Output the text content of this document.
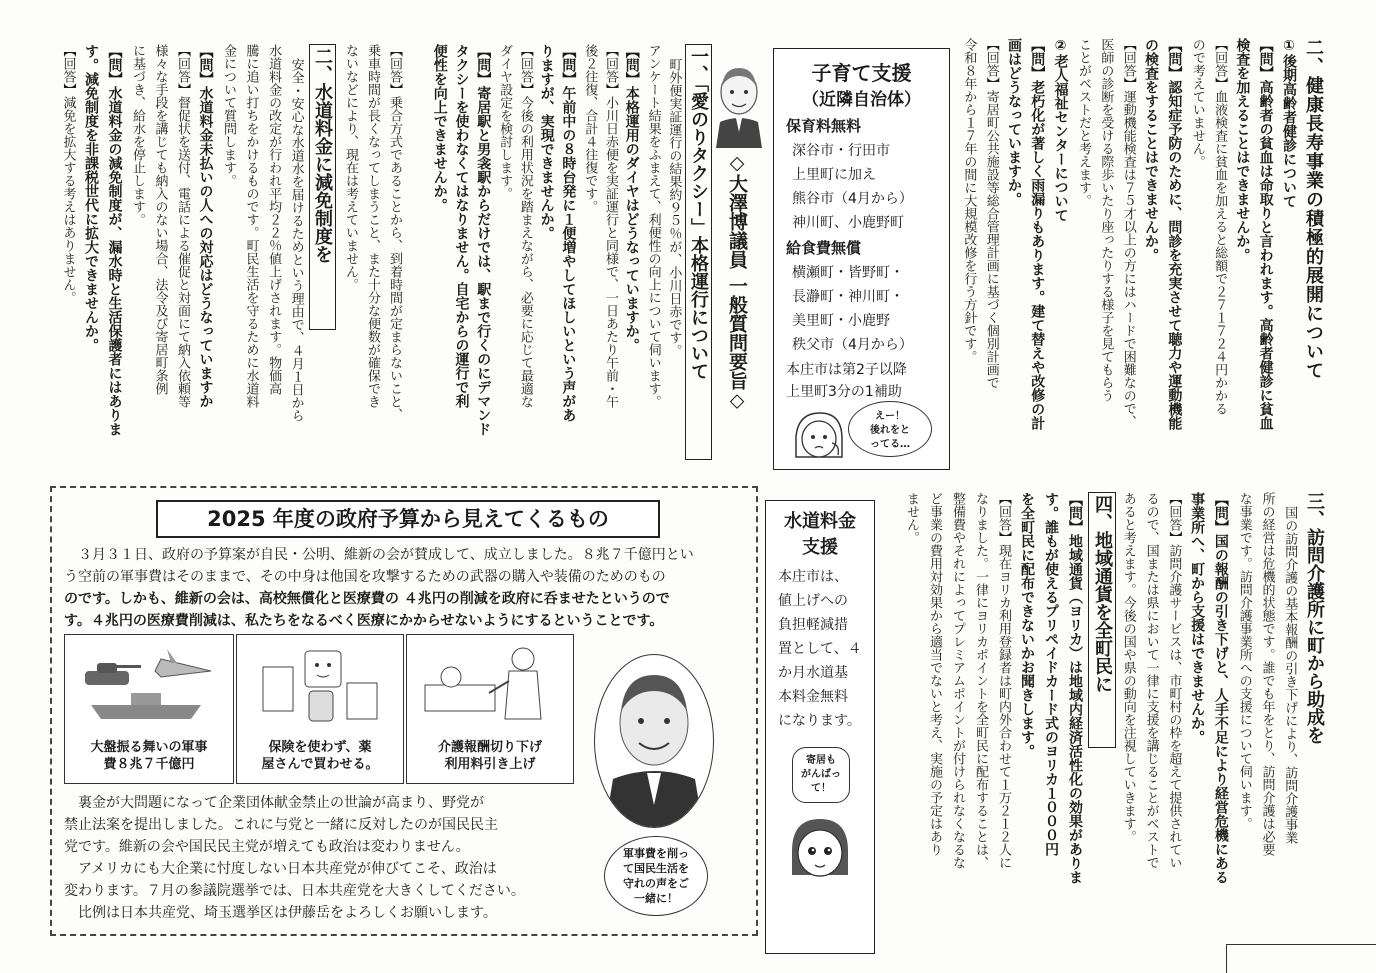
二、健康長寿事業の積極的展開について
①後期高齢者健診について
【問】高齢者の貧血は命取りと言われます。高齢者健診に貧血
検査を加えることはできませんか。
【回答】血液検査に貧血を加えると総額で２７１７２４円かかる
ので考えていません。
【問】認知症予防のために、問診を充実させて聴力や運動機能
の検査をすることはできませんか。
【回答】運動機能検査は７５才以上の方にはハードで困難なので、
医師の診断を受ける際歩いたり座ったりする様子を見てもらう
ことがベストだと考えます。
②老人福祉センターについて
【問】老朽化が著しく雨漏りもあります。建て替えや改修の計
画はどうなっていますか。
【回答】寄居町公共施設等総合管理計画に基づく個別計画で
令和８年から１７年の間に大規模改修を行う方針です。
子育て支援
（近隣自治体）
保育料無料
深谷市・行田市
上里町に加え
熊谷市（4月から）
神川町、小鹿野町
給食費無償
横瀬町・皆野町・
長瀞町・神川町・
美里町・小鹿野
秩父市（4月から）
本庄市は第2子以降
上里町3分の1補助
えー！
後れをと
ってる…
◇大澤博議員 一般質問要旨◇
一、「愛のりタクシー」本格運行について
町外便実証運行の結果約９５％が、小川日赤です。
アンケート結果をふまえて、利便性の向上について伺います。
【問】本格運用のダイヤはどうなっていますか。
【回答】小川日赤便を実証運行と同様で、一日あたり午前・午
後２往復、合計４往復です。
【問】午前中の８時台発に１便増やしてほしいという声があ
りますが、実現できませんか。
【回答】今後の利用状況を踏まえながら、必要に応じて最適な
ダイヤ設定を検討します。
【問】寄居駅と男衾駅からだけでは、駅まで行くのにデマンド
タクシーを使わなくてはなりません。自宅からの運行で利
便性を向上できませんか。
【回答】乗合方式であることから、到着時間が定まらないこと、
乗車時間が長くなってしまうこと、また十分な便数が確保でき
ないなどにより、現在は考えていません。
二、水道料金に減免制度を
安全・安心な水道水を届けるためという理由で、４月１日から
水道料金の改定が行われ平均２２％値上げされます。物価高
騰に追い打ちをかけるものです。町民生活を守るために水道料
金について質問します。
【問】水道料金未払いの人への対応はどうなっていますか
【回答】督促状を送付、電話による催促と対面にて納入依頼等
様々な手段を講じても納入のない場合、法令及び寄居町条例
に基づき、給水を停止します。
【問】水道料金の減免制度が、漏水時と生活保護者にはありま
す。減免制度を非課税世代に拡大できませんか。
【回答】減免を拡大する考えはありません。
三、訪問介護所に町から助成を
国の訪問介護の基本報酬の引き下げにより、訪問介護事業
所の経営は危機的状態です。誰でも年をとり、訪問介護は必要
な事業です。訪問介護事業所への支援について伺います。
【問】国の報酬の引き下げと、人手不足により経営危機にある
事業所へ、町から支援はできませんか。
【回答】訪問介護サービスは、市町村の枠を超えて提供されてい
るので、国または県において一律に支援を講じることがベストで
あると考えます。今後の国や県の動向を注視していきます。
四、地域通貨を全町民に
【問】地域通貨（ヨリカ）は地域内経済活性化の効果がありま
す。誰もが使えるプリペイドカード式のヨリカ１０００円
を全町民に配布できないかお聞きします。
【回答】現在ヨリカ利用登録者は町内外合わせて１万２１２人に
なりました。一律にヨリカポイントを全町民に配布することは、
整備費やそれによってプレミアムポイントが付けられなくなるな
ど事業の費用対効果から適当でないと考え、実施の予定はあり
ません。
水道料金
支援
本庄市は、
値上げへの
負担軽減措
置として、４
か月水道基
本料金無料
になります。
寄居も
がんばっ
て！
2025 年度の政府予算から見えてくるもの
３月３１日、政府の予算案が自民・公明、維新の会が賛成して、成立しました。８兆７千億円とい
う空前の軍事費はそのままで、その中身は他国を攻撃するための武器の購入や装備のためのもの
のです。しかも、維新の会は、高校無償化と医療費の ４兆円の削減を政府に呑ませたというので
す。４兆円の医療費削減は、私たちをなるべく医療にかからせないようにするということです。
大盤振る舞いの軍事
費８兆７千億円
保険を使わず、薬
屋さんで買わせる。
介護報酬切り下げ
利用料引き上げ
裏金が大問題になって企業団体献金禁止の世論が高まり、野党が
禁止法案を提出しました。これに与党と一緒に反対したのが国民民主
党です。維新の会や国民民主党が増えても政治は変わりません。
アメリカにも大企業に忖度しない日本共産党が伸びてこそ、政治は
変わります。７月の参議院選挙では、日本共産党を大きくしてください。
比例は日本共産党、埼玉選挙区は伊藤岳をよろしくお願いします。
軍事費を削っ
て国民生活を
守れの声をご
一緒に！
